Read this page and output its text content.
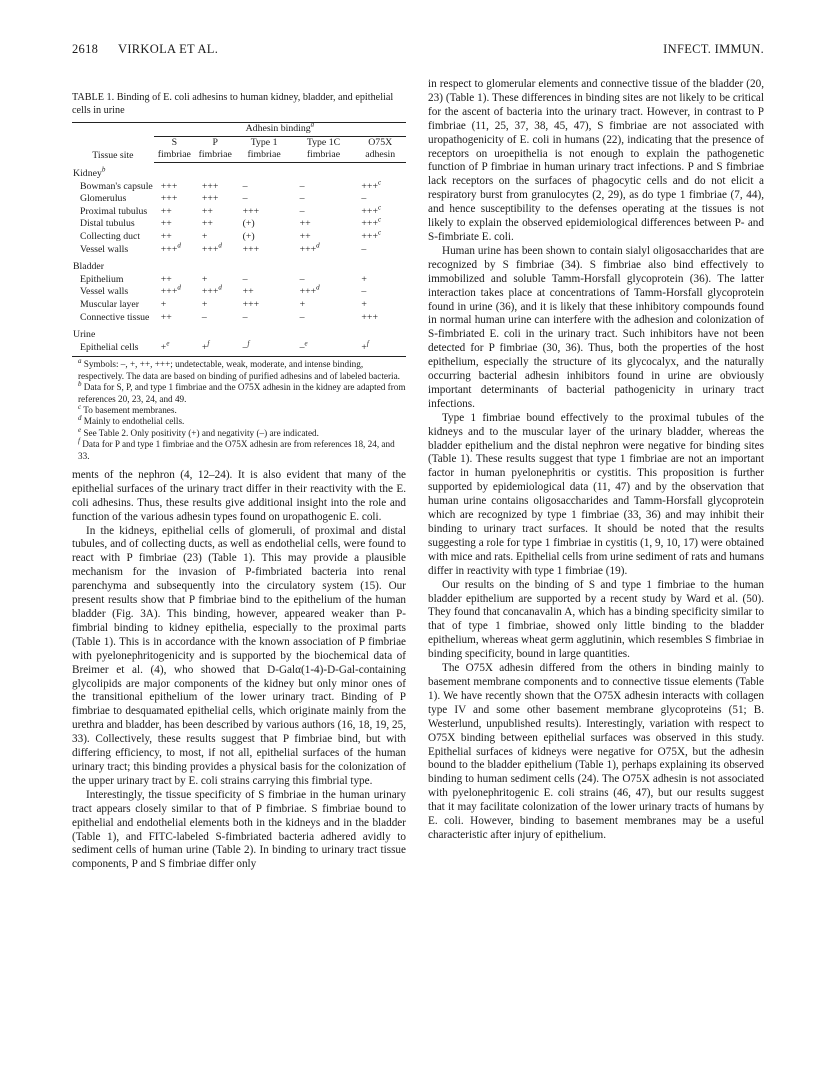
2618 VIRKOLA ET AL.	INFECT. IMMUN.
TABLE 1. Binding of E. coli adhesins to human kidney, bladder, and epithelial cells in urine
Tissue site	Adhesin binding$^a$
	S fimbriae	P fimbriae	Type 1 fimbriae	Type 1C fimbriae	O75X adhesin
Kidney$^b$
Bowman's capsule	+++	+++	–	–	+++$^c$
Glomerulus	+++	+++	–	–	–
Proximal tubulus	++	++	+++	–	+++$^c$
Distal tubulus	++	++	(+)	++	+++$^c$
Collecting duct	++	+	(+)	++	+++$^c$
Vessel walls	+++$^d$	+++$^d$	+++	+++$^d$	–
Bladder					
Epithelium	++	+	–	–	+
Vessel walls	+++$^d$	+++$^d$	++	+++$^d$	–
Muscular layer	+	+	+++	+	+
Connective tissue	++	–	–	–	+++
Urine					
Epithelial cells	+$^e$	+$^f$	–$^f$	–$^e$	+$^f$

$^a$ Symbols: –, +, ++, +++; undetectable, weak, moderate, and intense binding, respectively. The data are based on binding of purified adhesins and of labeled bacteria.

$^b$ Data for S, P, and type 1 fimbriae and the O75X adhesin in the kidney are adapted from references 20, 23, 24, and 49.

$^c$ To basement membranes.

$^d$ Mainly to endothelial cells.

$^e$ See Table 2. Only positivity (+) and negativity (–) are indicated.

$^f$ Data for P and type 1 fimbriae and the O75X adhesin are from references 18, 24, and 33.

ments of the nephron (4, 12–24). It is also evident that many of the epithelial surfaces of the urinary tract differ in their reactivity with the E. coli adhesins. Thus, these results give additional insight into the role and function of the various adhesin types found on uropathogenic E. coli.

In the kidneys, epithelial cells of glomeruli, of proximal and distal tubules, and of collecting ducts, as well as endothelial cells, were found to react with P fimbriae (23) (Table 1). This may provide a plausible mechanism for the invasion of P-fimbriated bacteria into renal parenchyma and subsequently into the circulatory system (15). Our present results show that P fimbriae bind to the epithelium of the human bladder (Fig. 3A). This binding, however, appeared weaker than P-fimbrial binding to kidney epithelia, especially to the proximal parts (Table 1). This is in accordance with the known association of P fimbriae with pyelonephritogenicity and is supported by the biochemical data of Breimer et al. (4), who showed that D-Galα(1-4)-D-Gal-containing glycolipids are major components of the kidney but only minor ones of the transitional epithelium of the lower urinary tract. Binding of P fimbriae to desquamated epithelial cells, which originate mainly from the urethra and bladder, has been described by various authors (16, 18, 19, 25, 33). Collectively, these results suggest that P fimbriae bind, but with differing efficiency, to most, if not all, epithelial surfaces of the human urinary tract; this binding provides a physical basis for the colonization of the upper urinary tract by E. coli strains carrying this fimbrial type.

Interestingly, the tissue specificity of S fimbriae in the human urinary tract appears closely similar to that of P fimbriae. S fimbriae bound to epithelial and endothelial elements both in the kidneys and in the bladder (Table 1), and FITC-labeled S-fimbriated bacteria adhered avidly to sediment cells of human urine (Table 2). In binding to urinary tract tissue components, P and S fimbriae differ only

in respect to glomerular elements and connective tissue of the bladder (20, 23) (Table 1). These differences in binding sites are not likely to be critical for the ascent of bacteria into the urinary tract. However, in contrast to P fimbriae (11, 25, 37, 38, 45, 47), S fimbriae are not associated with uropathogenicity of E. coli in humans (22), indicating that the presence of receptors on uroepithelia is not enough to explain the pathogenetic function of P fimbriae in human urinary tract infections. P and S fimbriae lack receptors on the surfaces of phagocytic cells and do not elicit a respiratory burst from granulocytes (2, 29), as do type 1 fimbriae (7, 44), and hence susceptibility to the defenses operating at the tissues is not likely to explain the observed epidemiological differences between P- and S-fimbriate E. coli.

Human urine has been shown to contain sialyl oligosaccharides that are recognized by S fimbriae (34). S fimbriae also bind effectively to immobilized and soluble Tamm-Horsfall glycoprotein (36). The latter interaction takes place at concentrations of Tamm-Horsfall glycoprotein found in urine (36), and it is likely that these inhibitory compounds found in normal human urine can interfere with the adhesion and colonization of S-fimbriated E. coli in the urinary tract. Such inhibitors have not been detected for P fimbriae (30, 36). Thus, both the properties of the host epithelium, especially the structure of its glycocalyx, and the naturally occurring bacterial adhesin inhibitors found in urine are obviously important determinants of bacterial pathogenicity in urinary tract infections.

Type 1 fimbriae bound effectively to the proximal tubules of the kidneys and to the muscular layer of the urinary bladder, whereas the bladder epithelium and the distal nephron were negative for binding sites (Table 1). These results suggest that type 1 fimbriae are not an important factor in human pyelonephritis or cystitis. This proposition is further supported by epidemiological data (11, 47) and by the observation that human urine contains oligosaccharides and Tamm-Horsfall glycoprotein which are recognized by type 1 fimbriae (33, 36) and may inhibit their binding to urinary tract surfaces. It should be noted that the results suggesting a role for type 1 fimbriae in cystitis (1, 9, 10, 17) were obtained with mice and rats. Epithelial cells from urine sediment of rats and humans differ in reactivity with type 1 fimbriae (19).

Our results on the binding of S and type 1 fimbriae to the human bladder epithelium are supported by a recent study by Ward et al. (50). They found that concanavalin A, which has a binding specificity similar to that of type 1 fimbriae, showed only little binding to the bladder epithelium, whereas wheat germ agglutinin, which resembles S fimbriae in binding specificity, bound in large quantities.

The O75X adhesin differed from the others in binding mainly to basement membrane components and to connective tissue elements (Table 1). We have recently shown that the O75X adhesin interacts with collagen type IV and some other basement membrane glycoproteins (51; B. Westerlund, unpublished results). Interestingly, variation with respect to O75X binding between epithelial surfaces was observed in this study. Epithelial surfaces of kidneys were negative for O75X, but the adhesin bound to the bladder epithelium (Table 1), perhaps explaining its observed binding to human sediment cells (24). The O75X adhesin is not associated with pyelonephritogenic E. coli strains (46, 47), but our results suggest that it may facilitate colonization of the lower urinary tracts of humans by E. coli. However, binding to basement membranes may be a useful characteristic after injury of epithelium.
